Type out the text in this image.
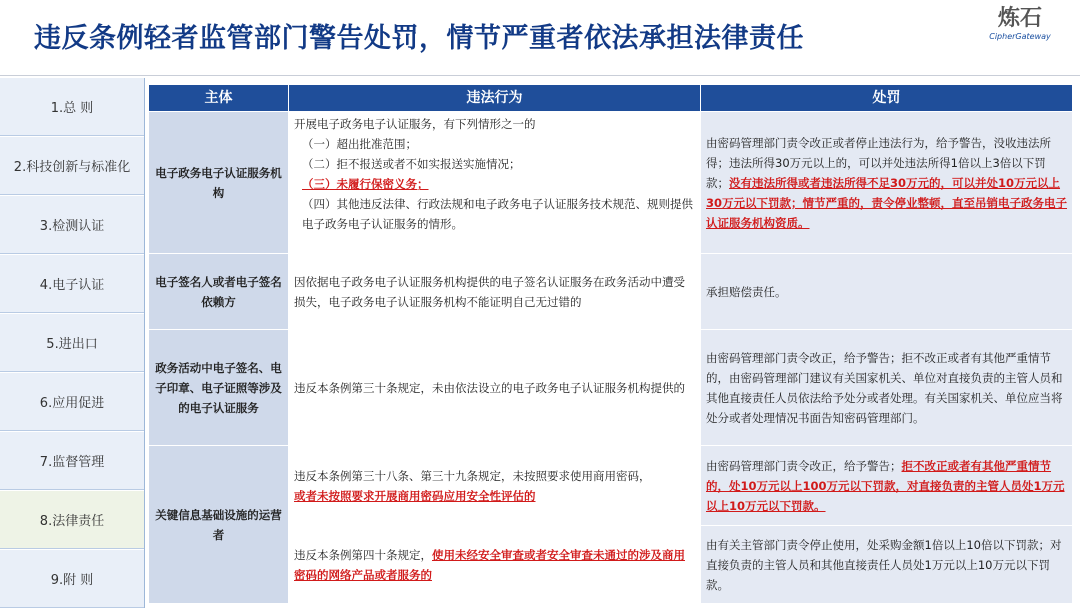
违反条例轻者监管部门警告处罚，情节严重者依法承担法律责任
炼石
CipherGateway
1.总 则
2.科技创新与标准化
3.检测认证
4.电子认证
5.进出口
6.应用促进
7.监督管理
8.法律责任
9.附 则
主体	违法行为	处罚
电子政务电子认证服务机构	开展电子政务电子认证服务，有下列情形之一的
（一）超出批准范围；
（二）拒不报送或者不如实报送实施情况；
（三）未履行保密义务；
（四）其他违反法律、行政法规和电子政务电子认证服务技术规范、规则提供电子政务电子认证服务的情形。	由密码管理部门责令改正或者停止违法行为，给予警告，没收违法所得；违法所得30万元以上的，可以并处违法所得1倍以上3倍以下罚款；没有违法所得或者违法所得不足30万元的，可以并处10万元以上30万元以下罚款；情节严重的，责令停业整顿，直至吊销电子政务电子认证服务机构资质。
电子签名人或者电子签名依赖方	因依据电子政务电子认证服务机构提供的电子签名认证服务在政务活动中遭受损失，电子政务电子认证服务机构不能证明自己无过错的	承担赔偿责任。
政务活动中电子签名、电子印章、电子证照等涉及的电子认证服务	违反本条例第三十条规定，未由依法设立的电子政务电子认证服务机构提供的	由密码管理部门责令改正，给予警告；拒不改正或者有其他严重情节的，由密码管理部门建议有关国家机关、单位对直接负责的主管人员和其他直接责任人员依法给予处分或者处理。有关国家机关、单位应当将处分或者处理情况书面告知密码管理部门。
关键信息基础设施的运营者	违反本条例第三十八条、第三十九条规定，未按照要求使用商用密码，
或者未按照要求开展商用密码应用安全性评估的	由密码管理部门责令改正，给予警告；拒不改正或者有其他严重情节的，处10万元以上100万元以下罚款，对直接负责的主管人员处1万元以上10万元以下罚款。
	违反本条例第四十条规定，使用未经安全审查或者安全审查未通过的涉及商用密码的网络产品或者服务的	由有关主管部门责令停止使用，处采购金额1倍以上10倍以下罚款；对直接负责的主管人员和其他直接责任人员处1万元以上10万元以下罚款。
